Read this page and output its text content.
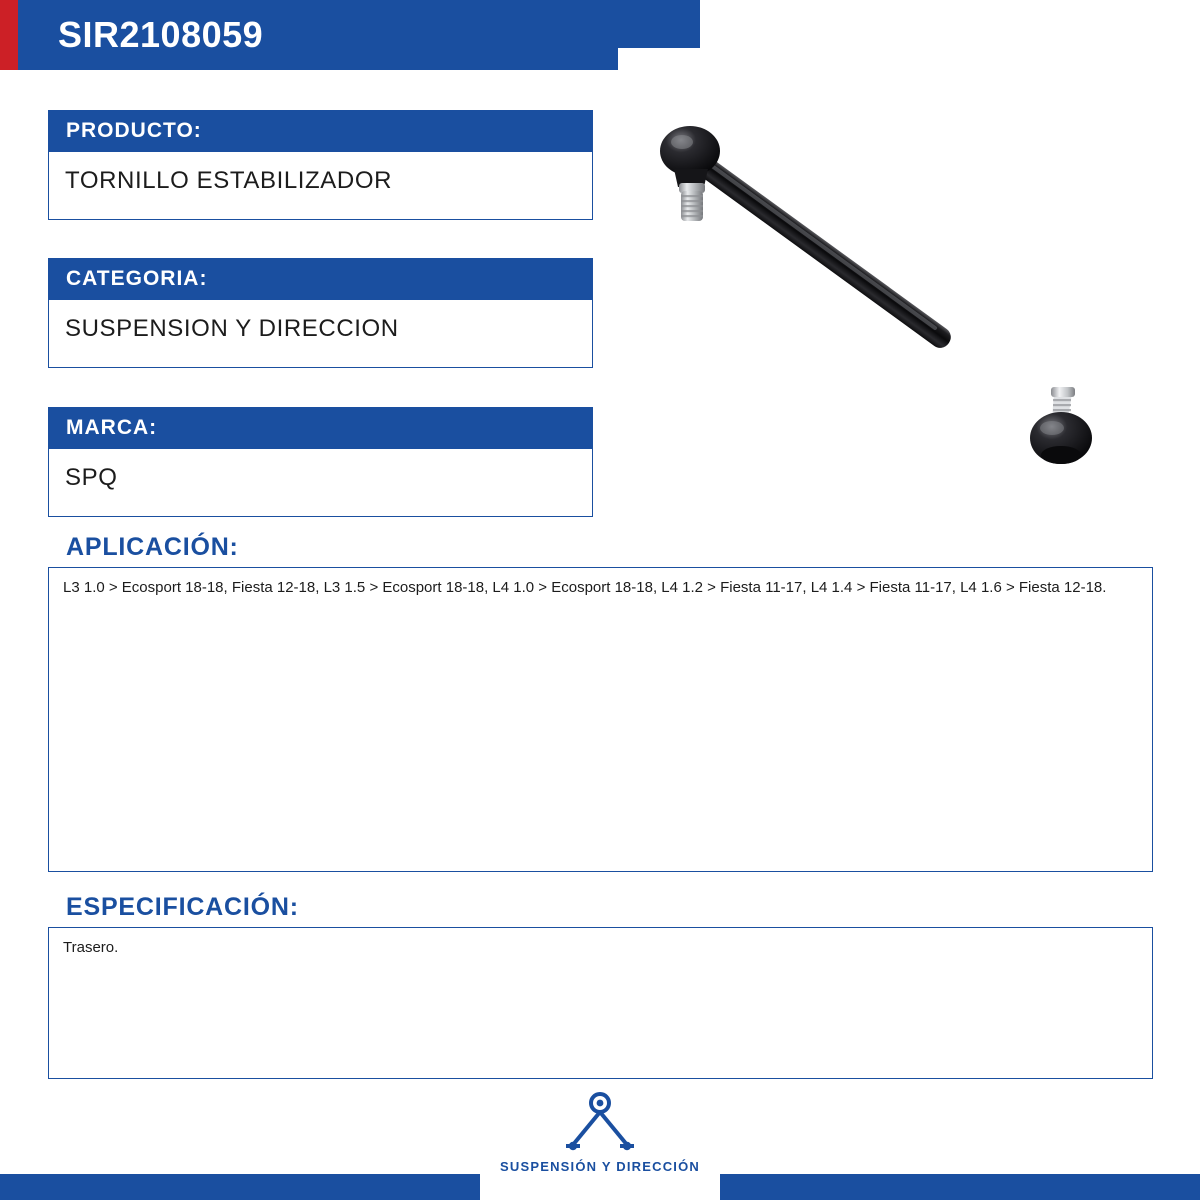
SIR2108059
PRODUCTO:
TORNILLO ESTABILIZADOR
CATEGORIA:
SUSPENSION Y DIRECCION
MARCA:
SPQ
APLICACIÓN:
L3 1.0 > Ecosport 18-18, Fiesta 12-18, L3 1.5 > Ecosport 18-18, L4 1.0 > Ecosport 18-18, L4 1.2 > Fiesta 11-17, L4 1.4 > Fiesta 11-17, L4 1.6 > Fiesta 12-18.
ESPECIFICACIÓN:
Trasero.
SUSPENSIÓN Y DIRECCIÓN
